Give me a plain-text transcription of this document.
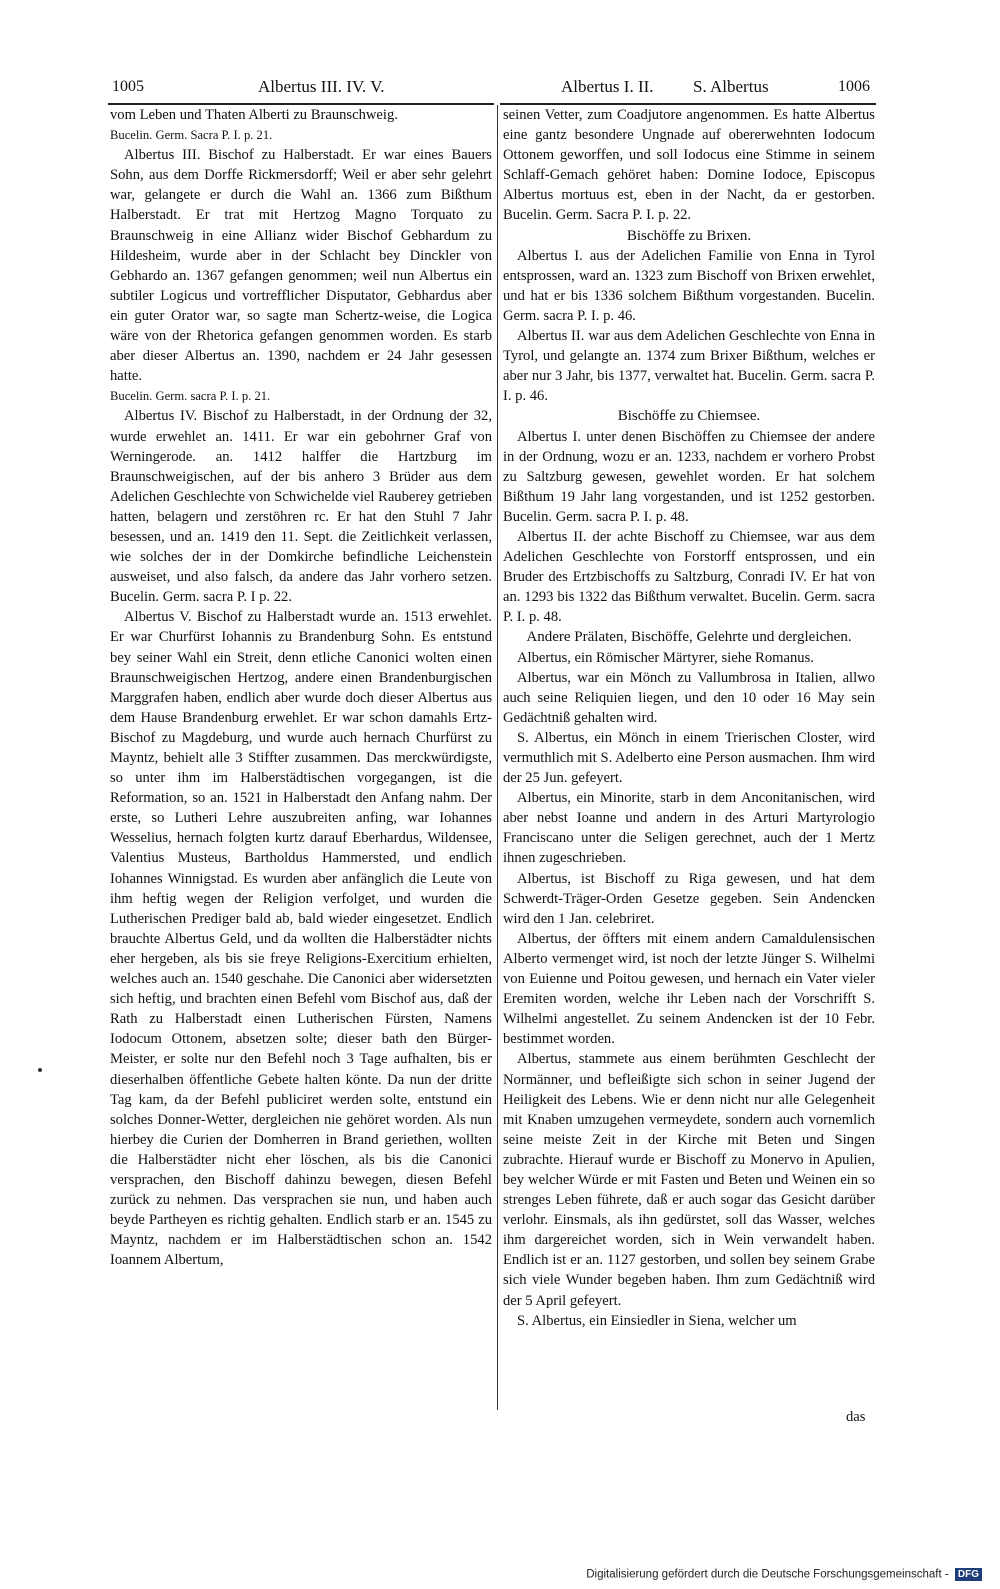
1005	Albertus III. IV. V.	Albertus I. II. S. Albertus	1006

vom Leben und Thaten Alberti zu Braunschweig.

Bucelin. Germ. Sacra P. I. p. 21.

Albertus III. Bischof zu Halberstadt. Er war eines Bauers Sohn, aus dem Dorffe Rickmersdorff; Weil er aber sehr gelehrt war, gelangete er durch die Wahl an. 1366 zum Bißthum Halberstadt. Er trat mit Hertzog Magno Torquato zu Braunschweig in eine Allianz wider Bischof Gebhardum zu Hildesheim, wurde aber in der Schlacht bey Dinckler von Gebhardo an. 1367 gefangen genommen; weil nun Albertus ein subtiler Logicus und vortrefflicher Disputator, Gebhardus aber ein guter Orator war, so sagte man Schertz-weise, die Logica wäre von der Rhetorica gefangen genommen worden. Es starb aber dieser Albertus an. 1390, nachdem er 24 Jahr gesessen hatte.

Bucelin. Germ. sacra P. I. p. 21.

Albertus IV. Bischof zu Halberstadt, in der Ordnung der 32, wurde erwehlet an. 1411. Er war ein gebohrner Graf von Werningerode. an. 1412 halffer die Hartzburg im Braunschweigischen, auf der bis anhero 3 Brüder aus dem Adelichen Geschlechte von Schwichelde viel Rauberey getrieben hatten, belagern und zerstöhren rc. Er hat den Stuhl 7 Jahr besessen, und an. 1419 den 11. Sept. die Zeitlichkeit verlassen, wie solches der in der Domkirche befindliche Leichenstein ausweiset, und also falsch, da andere das Jahr vorhero setzen. Bucelin. Germ. sacra P. I p. 22.

Albertus V. Bischof zu Halberstadt wurde an. 1513 erwehlet. Er war Churfürst Iohannis zu Brandenburg Sohn. Es entstund bey seiner Wahl ein Streit, denn etliche Canonici wolten einen Braunschweigischen Hertzog, andere einen Brandenburgischen Marggrafen haben, endlich aber wurde doch dieser Albertus aus dem Hause Brandenburg erwehlet. Er war schon damahls Ertz-Bischof zu Magdeburg, und wurde auch hernach Churfürst zu Mayntz, behielt alle 3 Stiffter zusammen. Das merckwürdigste, so unter ihm im Halberstädtischen vorgegangen, ist die Reformation, so an. 1521 in Halberstadt den Anfang nahm. Der erste, so Lutheri Lehre auszubreiten anfing, war Iohannes Wesselius, hernach folgten kurtz darauf Eberhardus, Wildensee, Valentius Musteus, Bartholdus Hammersted, und endlich Iohannes Winnigstad. Es wurden aber anfänglich die Leute von ihm heftig wegen der Religion verfolget, und wurden die Lutherischen Prediger bald ab, bald wieder eingesetzet. Endlich brauchte Albertus Geld, und da wollten die Halberstädter nichts eher hergeben, als bis sie freye Religions-Exercitium erhielten, welches auch an. 1540 geschahe. Die Canonici aber widersetzten sich heftig, und brachten einen Befehl vom Bischof aus, daß der Rath zu Halberstadt einen Lutherischen Fürsten, Namens Iodocum Ottonem, absetzen solte; dieser bath den Bürger-Meister, er solte nur den Befehl noch 3 Tage aufhalten, bis er dieserhalben öffentliche Gebete halten könte. Da nun der dritte Tag kam, da der Befehl publiciret werden solte, entstund ein solches Donner-Wetter, dergleichen nie gehöret worden. Als nun hierbey die Curien der Domherren in Brand geriethen, wollten die Halberstädter nicht eher löschen, als bis die Canonici versprachen, den Bischoff dahinzu bewegen, diesen Befehl zurück zu nehmen. Das versprachen sie nun, und haben auch beyde Partheyen es richtig gehalten. Endlich starb er an. 1545 zu Mayntz, nachdem er im Halberstädtischen schon an. 1542 Ioannem Albertum,

seinen Vetter, zum Coadjutore angenommen. Es hatte Albertus eine gantz besondere Ungnade auf obererwehnten Iodocum Ottonem geworffen, und soll Iodocus eine Stimme in seinem Schlaff-Gemach gehöret haben: Domine Iodoce, Episcopus Albertus mortuus est, eben in der Nacht, da er gestorben. Bucelin. Germ. Sacra P. I. p. 22.

Bischöffe zu Brixen.

Albertus I. aus der Adelichen Familie von Enna in Tyrol entsprossen, ward an. 1323 zum Bischoff von Brixen erwehlet, und hat er bis 1336 solchem Bißthum vorgestanden. Bucelin. Germ. sacra P. I. p. 46.

Albertus II. war aus dem Adelichen Geschlechte von Enna in Tyrol, und gelangte an. 1374 zum Brixer Bißthum, welches er aber nur 3 Jahr, bis 1377, verwaltet hat. Bucelin. Germ. sacra P. I. p. 46.

Bischöffe zu Chiemsee.

Albertus I. unter denen Bischöffen zu Chiemsee der andere in der Ordnung, wozu er an. 1233, nachdem er vorhero Probst zu Saltzburg gewesen, gewehlet worden. Er hat solchem Bißthum 19 Jahr lang vorgestanden, und ist 1252 gestorben. Bucelin. Germ. sacra P. I. p. 48.

Albertus II. der achte Bischoff zu Chiemsee, war aus dem Adelichen Geschlechte von Forstorff entsprossen, und ein Bruder des Ertzbischoffs zu Saltzburg, Conradi IV. Er hat von an. 1293 bis 1322 das Bißthum verwaltet. Bucelin. Germ. sacra P. I. p. 48.

Andere Prälaten, Bischöffe, Gelehrte und dergleichen.

Albertus, ein Römischer Märtyrer, siehe Romanus.

Albertus, war ein Mönch zu Vallumbrosa in Italien, allwo auch seine Reliquien liegen, und den 10 oder 16 May sein Gedächtniß gehalten wird.

S. Albertus, ein Mönch in einem Trierischen Closter, wird vermuthlich mit S. Adelberto eine Person ausmachen. Ihm wird der 25 Jun. gefeyert.

Albertus, ein Minorite, starb in dem Anconitanischen, wird aber nebst Ioanne und andern in des Arturi Martyrologio Franciscano unter die Seligen gerechnet, auch der 1 Mertz ihnen zugeschrieben.

Albertus, ist Bischoff zu Riga gewesen, und hat dem Schwerdt-Träger-Orden Gesetze gegeben. Sein Andencken wird den 1 Jan. celebriret.

Albertus, der öffters mit einem andern Camaldulensischen Alberto vermenget wird, ist noch der letzte Jünger S. Wilhelmi von Euienne und Poitou gewesen, und hernach ein Vater vieler Eremiten worden, welche ihr Leben nach der Vorschrifft S. Wilhelmi angestellet. Zu seinem Andencken ist der 10 Febr. bestimmet worden.

Albertus, stammete aus einem berühmten Geschlecht der Normänner, und befleißigte sich schon in seiner Jugend der Heiligkeit des Lebens. Wie er denn nicht nur alle Gelegenheit mit Knaben umzugehen vermeydete, sondern auch vornemlich seine meiste Zeit in der Kirche mit Beten und Singen zubrachte. Hierauf wurde er Bischoff zu Monervo in Apulien, bey welcher Würde er mit Fasten und Beten und Weinen ein so strenges Leben führete, daß er auch sogar das Gesicht darüber verlohr. Einsmals, als ihn gedürstet, soll das Wasser, welches ihm dargereichet worden, sich in Wein verwandelt haben. Endlich ist er an. 1127 gestorben, und sollen bey seinem Grabe sich viele Wunder begeben haben. Ihm zum Gedächtniß wird der 5 April gefeyert.

S. Albertus, ein Einsiedler in Siena, welcher um

das
Digitalisierung gefördert durch die Deutsche Forschungsgemeinschaft - DFG
